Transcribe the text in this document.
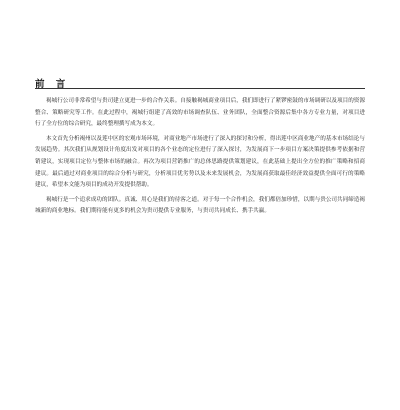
前 言

褐城行公司非常希望与贵司建立更进一步的合作关系。自接触褐城商业项目后，我们即进行了紧锣密鼓的市场调研以及项目的资源整合、策略研究等工作。在此过程中，褐城行组建了高效的市场调查队伍、业务团队，全面整合资源后集中各方专业力量，对项目进行了全方位的综合研究，最终整理撰写成为本文。

本文首先分析褐州以及莲中区的宏观市场环境，对商业地产市场进行了深入的探讨和分析，得出莲中区商业地产的基本市场结论与发展趋势。其次我们从规划设计角度出发对项目的各个业态的定位进行了深入探讨，为发展商下一步项目方案决策提供参考依据和营销建议，实现项目定位与整体市场的融合。再次为项目营销推广的总体思路提供策划建议，在此基础上提出全方位的推广策略和招商建议。最后通过对商业项目的综合分析与研究，分析项目优劣势以及未来发展机会，为发展商获取最佳经济效益提供全面可行的策略建议，希望本文能为项目的成功开发提供帮助。

褐城行是一个追求成功的团队。真诚、用心是我们的待客之道。对于每一个合作机会，我们都倍加珍惜，以期与贵公司共同缔造褐城新的商业地标。我们期待能有更多的机会为贵司提供专业服务，与贵司共同成长、携手共赢。
